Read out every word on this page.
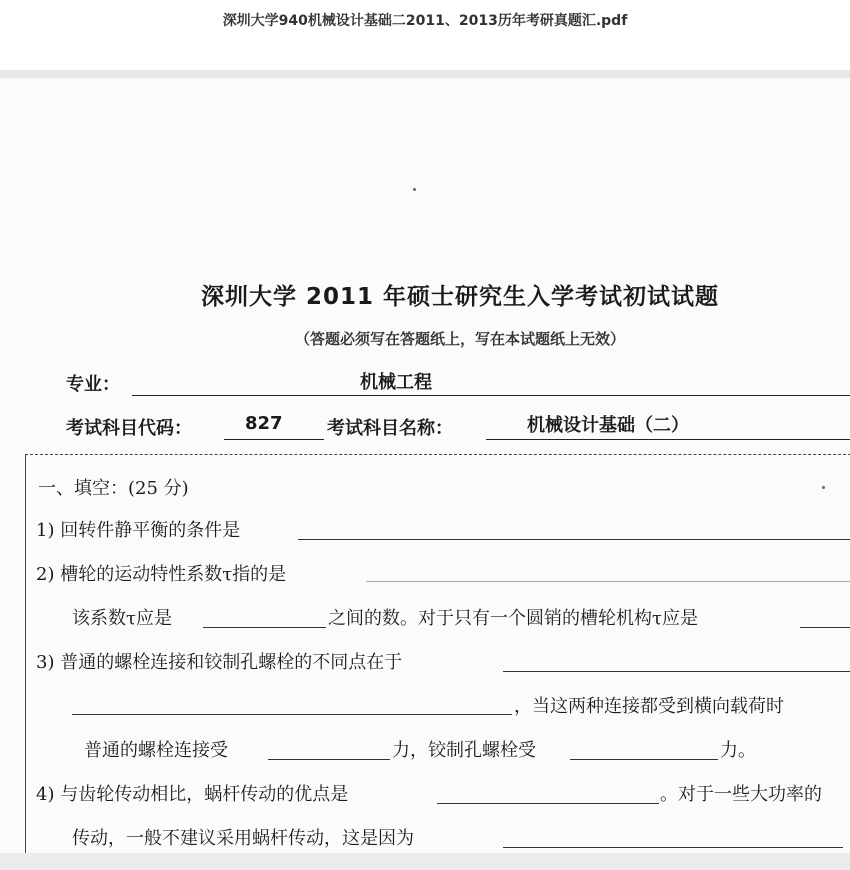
深圳大学940机械设计基础二2011、2013历年考研真题汇.pdf
深圳大学 2011 年硕士研究生入学考试初试试题
（答题必须写在答题纸上，写在本试题纸上无效）
专业：	机械工程
考试科目代码：	827 考试科目名称：	机械设计基础（二）
一、填空：(25 分)
1) 回转件静平衡的条件是
2) 槽轮的运动特性系数τ指的是
该系数τ应是	之间的数。对于只有一个圆销的槽轮机构τ应是
3) 普通的螺栓连接和铰制孔螺栓的不同点在于
，当这两种连接都受到横向载荷时
普通的螺栓连接受	力，铰制孔螺栓受	力。
4) 与齿轮传动相比，蜗杆传动的优点是	。对于一些大功率的
传动，一般不建议采用蜗杆传动，这是因为
